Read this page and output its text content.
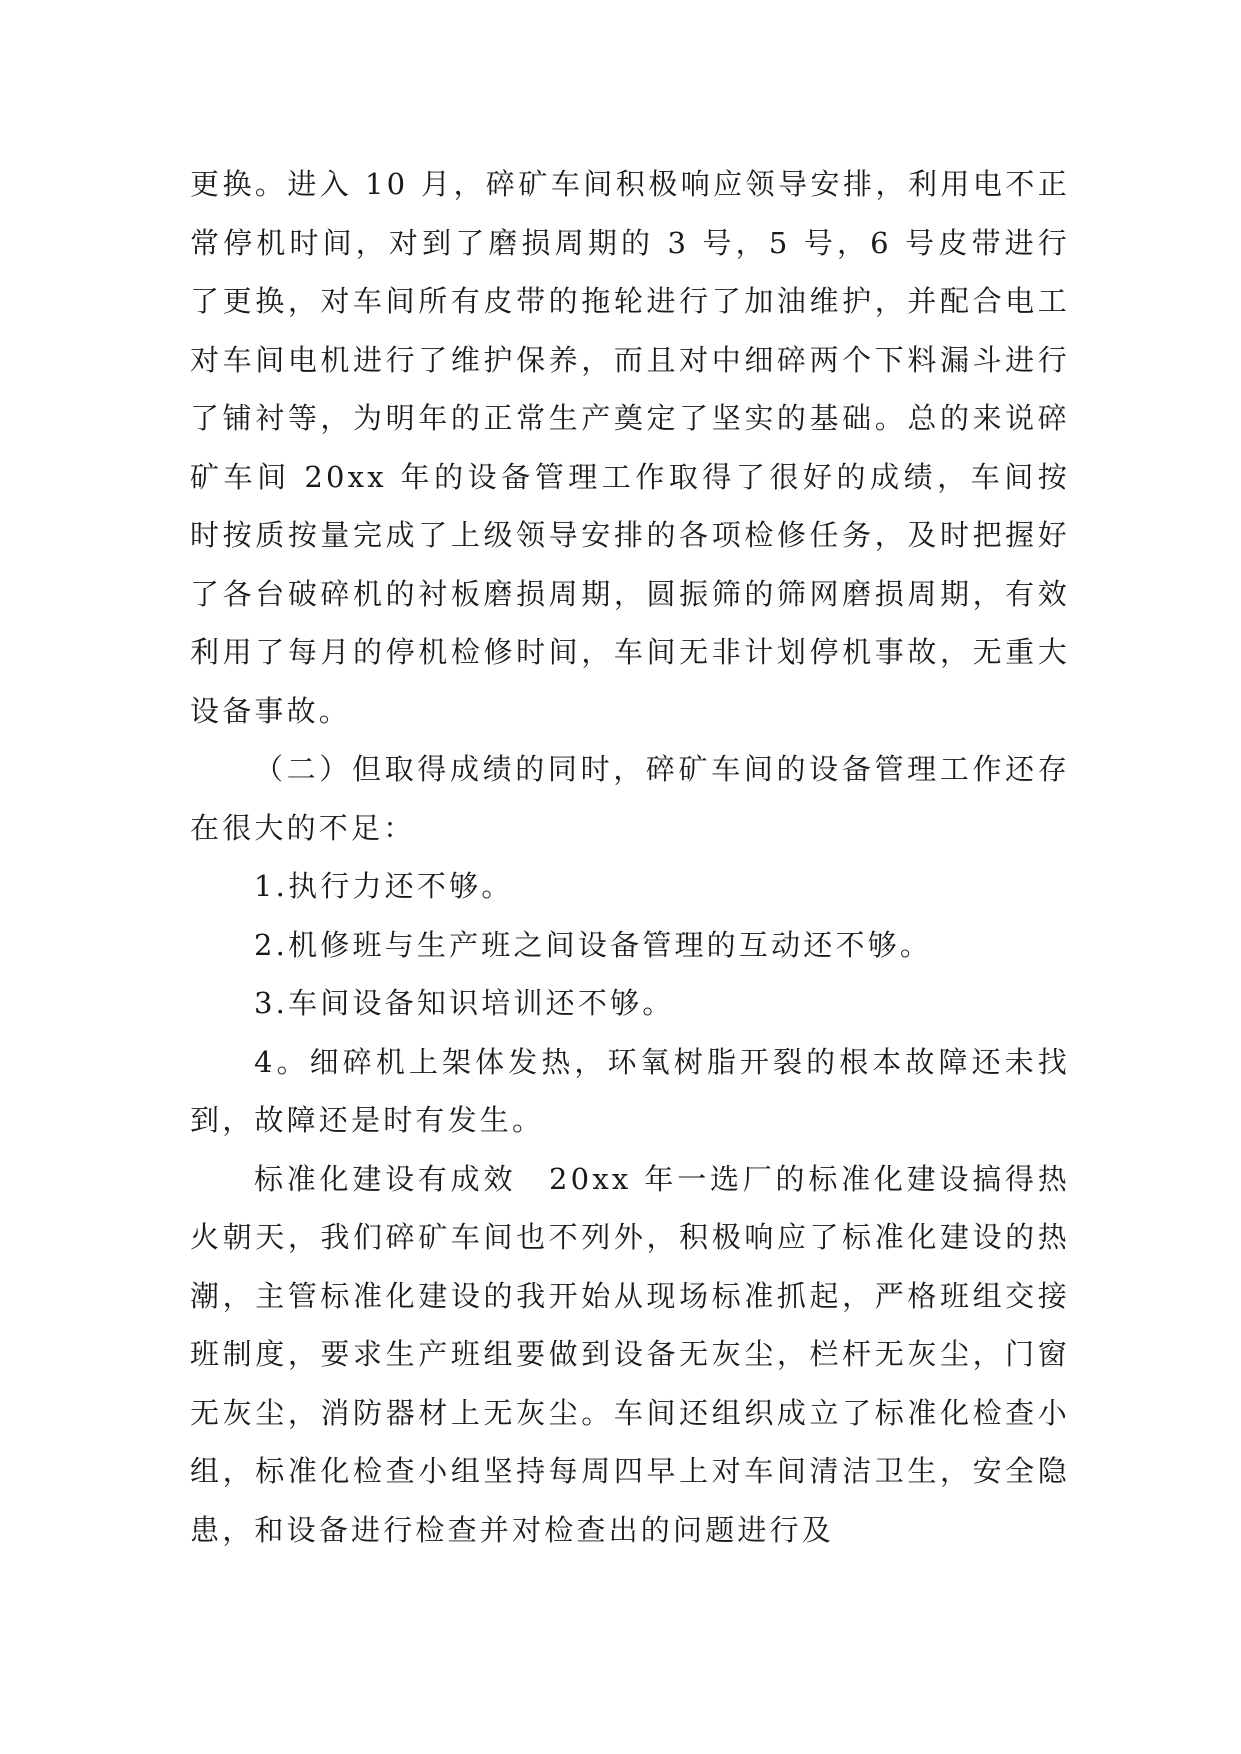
更换。进入 10 月，碎矿车间积极响应领导安排，利用电不正常停机时间，对到了磨损周期的 3 号，5 号，6 号皮带进行了更换，对车间所有皮带的拖轮进行了加油维护，并配合电工对车间电机进行了维护保养，而且对中细碎两个下料漏斗进行了铺衬等，为明年的正常生产奠定了坚实的基础。总的来说碎矿车间 20xx 年的设备管理工作取得了很好的成绩，车间按时按质按量完成了上级领导安排的各项检修任务，及时把握好了各台破碎机的衬板磨损周期，圆振筛的筛网磨损周期，有效利用了每月的停机检修时间，车间无非计划停机事故，无重大设备事故。

（二）但取得成绩的同时，碎矿车间的设备管理工作还存在很大的不足：

1.执行力还不够。

2.机修班与生产班之间设备管理的互动还不够。

3.车间设备知识培训还不够。

4。细碎机上架体发热，环氧树脂开裂的根本故障还未找到，故障还是时有发生。

标准化建设有成效　20xx 年一选厂的标准化建设搞得热火朝天，我们碎矿车间也不列外，积极响应了标准化建设的热潮，主管标准化建设的我开始从现场标准抓起，严格班组交接班制度，要求生产班组要做到设备无灰尘，栏杆无灰尘，门窗无灰尘，消防器材上无灰尘。车间还组织成立了标准化检查小组，标准化检查小组坚持每周四早上对车间清洁卫生，安全隐患，和设备进行检查并对检查出的问题进行及
